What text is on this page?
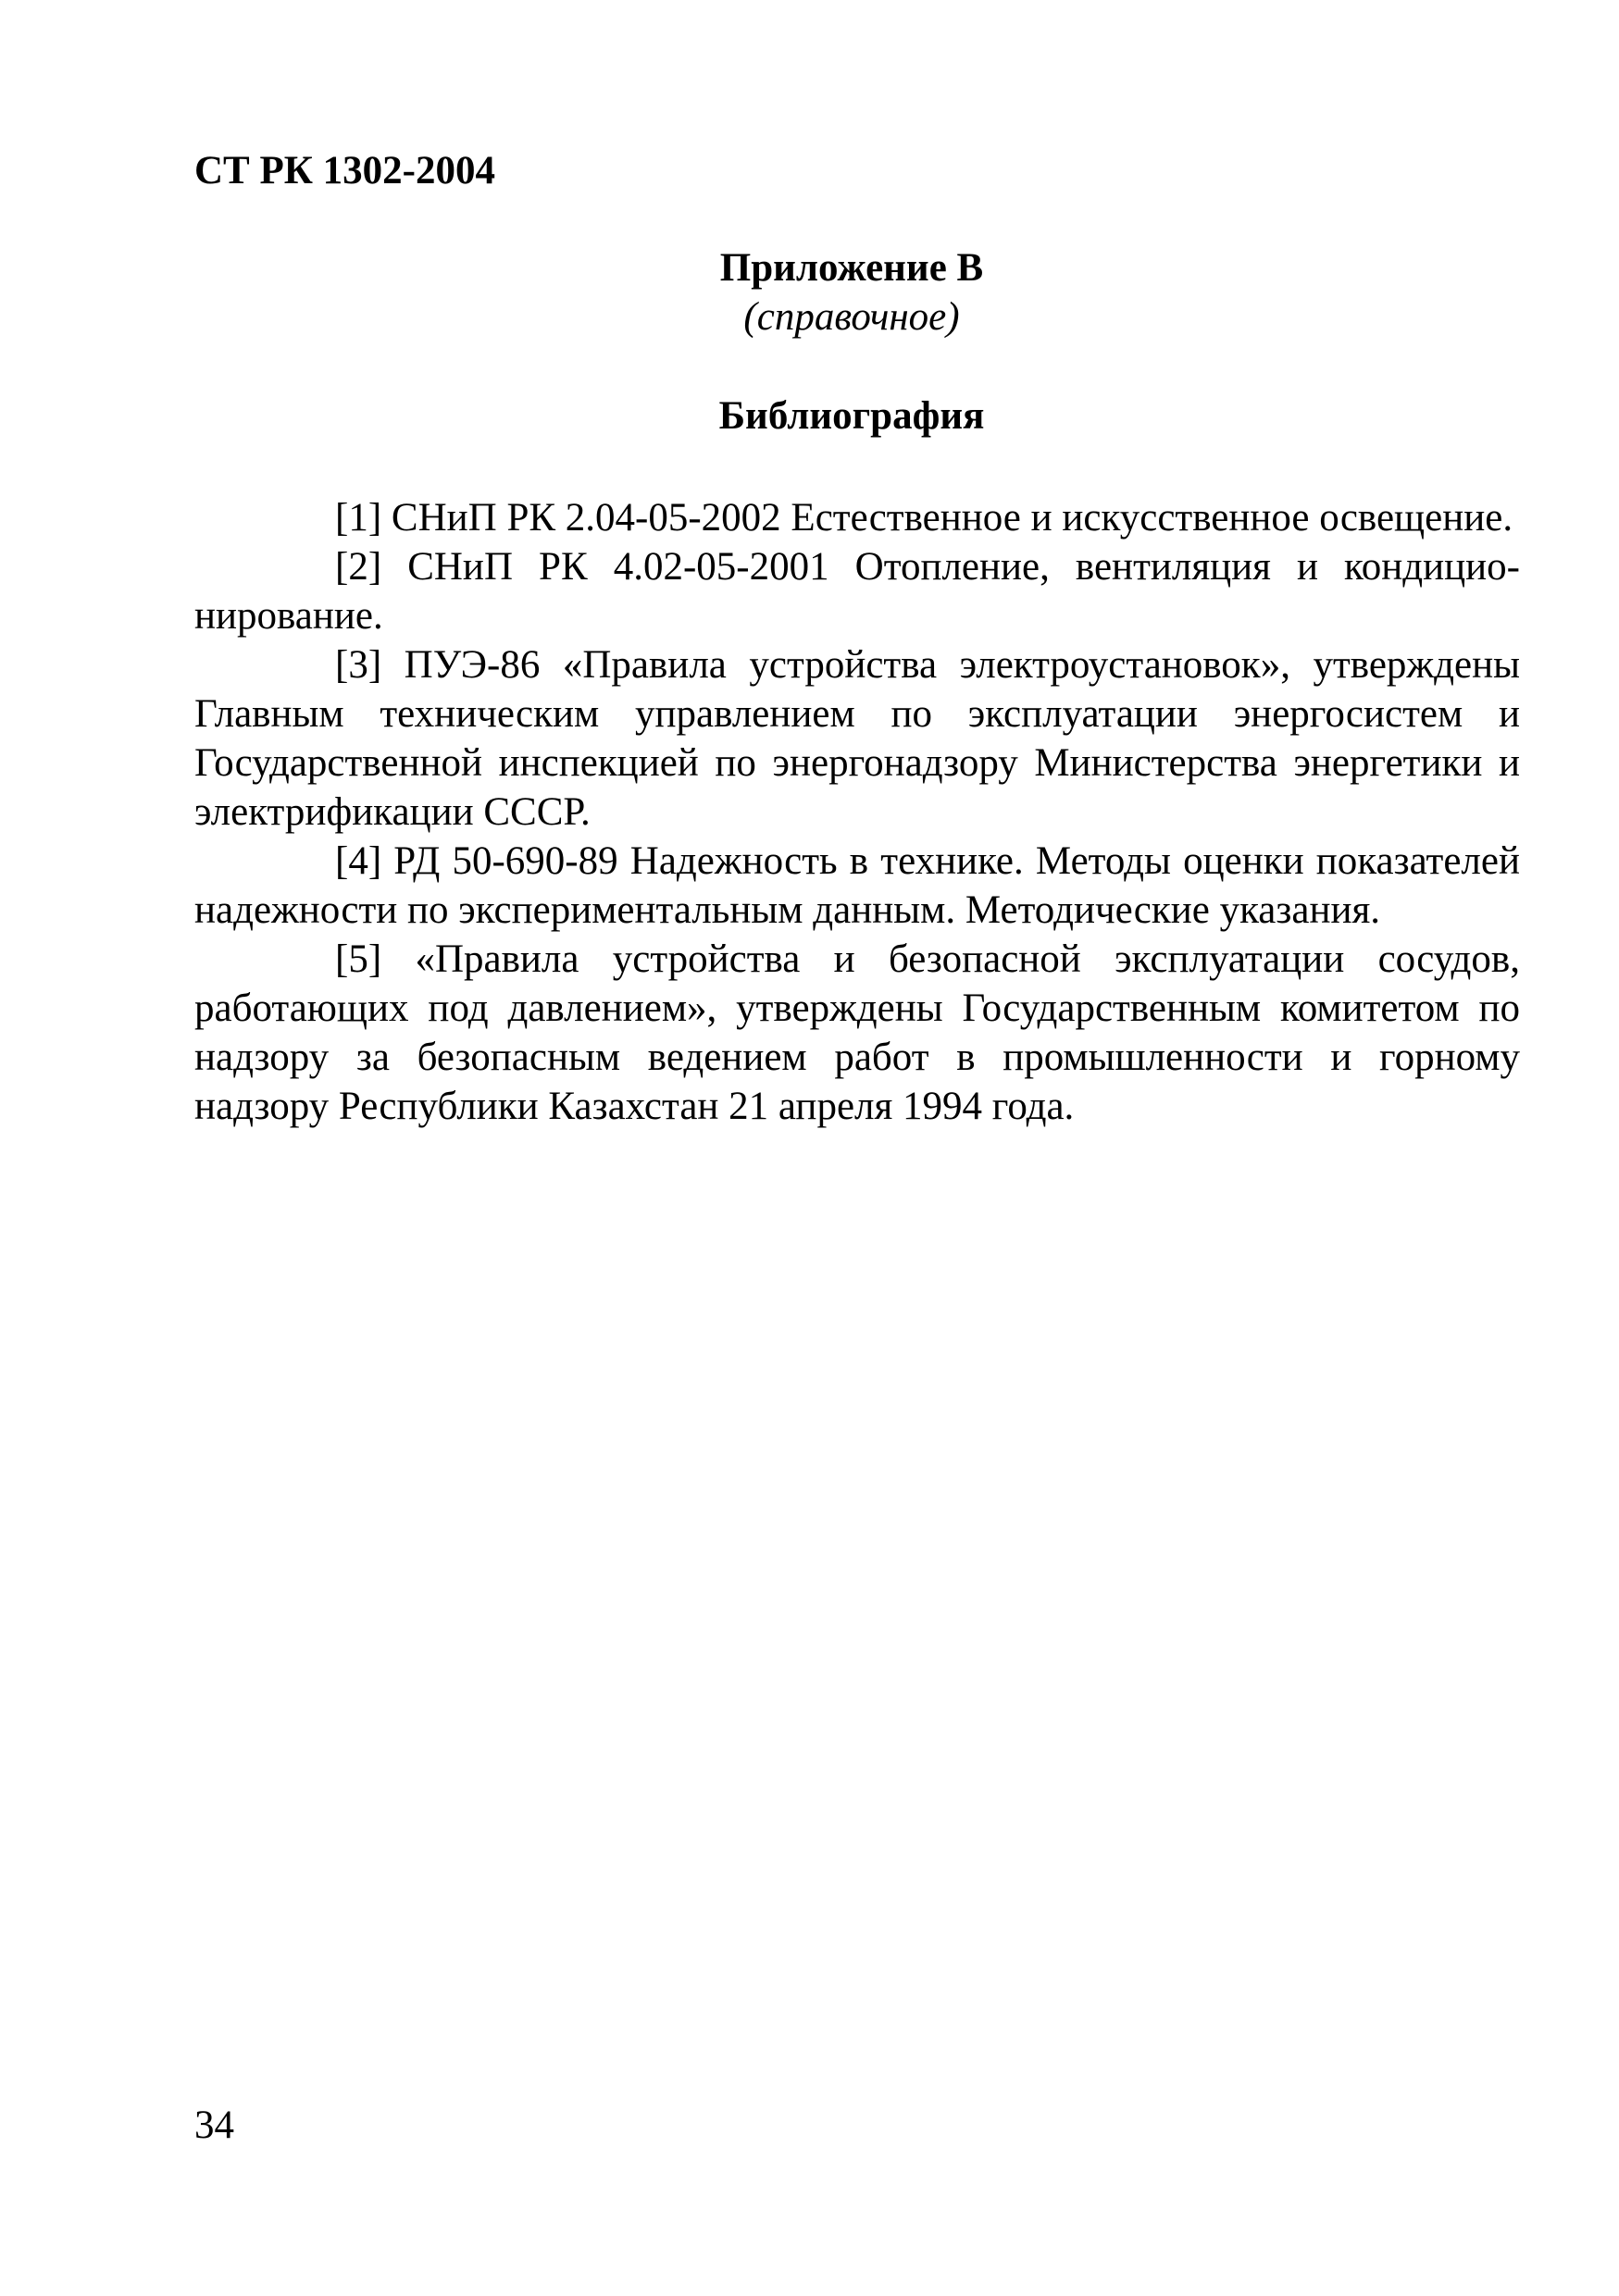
СТ РК 1302-2004
Приложение В
(справочное)
Библиография
[1] СНиП РК 2.04-05-2002 Естественное и искусственное освещение.
[2] СНиП РК 4.02-05-2001 Отопление, вентиляция и кондиционирование.
[3] ПУЭ-86 «Правила устройства электроустановок», утверждены Главным техническим управлением по эксплуатации энергосистем и Государственной инспекцией по энергонадзору Министерства энергетики и электрификации СССР.
[4] РД 50-690-89 Надежность в технике. Методы оценки показателей надежности по экспериментальным данным. Методические указания.
[5] «Правила устройства и безопасной эксплуатации сосудов, работающих под давлением», утверждены Государственным комитетом по надзору за безопасным ведением работ в промышленности и горному надзору Республики Казахстан 21 апреля 1994 года.
34
